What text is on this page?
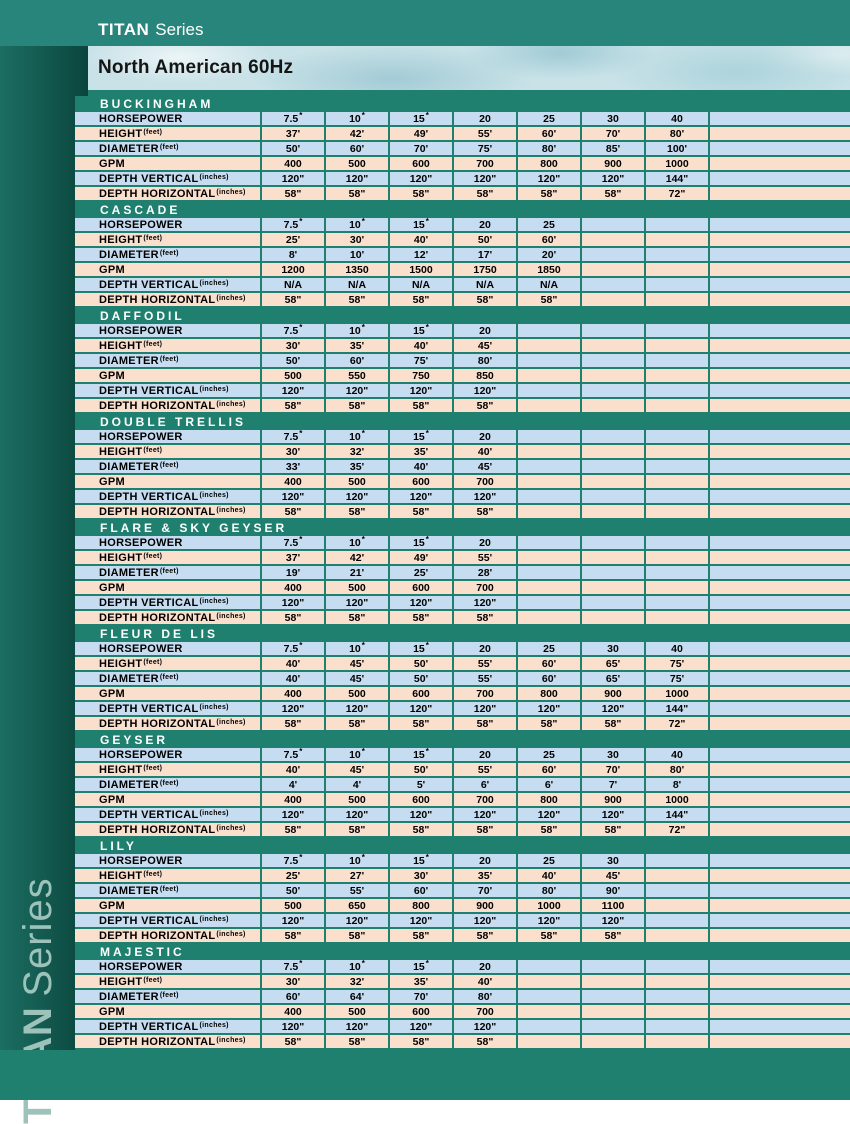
TITAN Series
Series
North American 60Hz
BUCKINGHAM
HORSEPOWER	7.5 *	10 *	15 *	20	25	30	40
$HEIGHT^{(feet)}$	37'	42'	49'	55'	60'	70'	80'
$DIAMETER^{(feet)}$	50'	60'	70'	75'	80'	85'	100'
GPM	400	500	600	700	800	900	1000
DEPTH $VERTICAL^{(inches)}$	120"	120"	120"	120"	120"	120"	144"
DEPTH $HORIZONTAL^{(inches)}$	58"	58"	58"	58"	58"	58"	72"
CASCADE
HORSEPOWER	7.5 *	10 *	15 *	20	25
$HEIGHT^{(feet)}$	25'	30'	40'	50'	60'
$DIAMETER^{(feet)}$	8'	10'	12'	17'	20'
GPM	1200	1350	1500	1750	1850
DEPTH $VERTICAL^{(inches)}$	N/A	N/A	N/A	N/A	N/A
DEPTH $HORIZONTAL^{(inches)}$	58"	58"	58"	58"	58"
DAFFODIL
HORSEPOWER	7.5 *	10 *	15 *	20
$HEIGHT^{(feet)}$	30'	35'	40'	45'
$DIAMETER^{(feet)}$	50'	60'	75'	80'
GPM	500	550	750	850
DEPTH $VERTICAL^{(inches)}$	120"	120"	120"	120"
DEPTH $HORIZONTAL^{(inches)}$	58"	58"	58"	58"
DOUBLE TRELLIS
HORSEPOWER	7.5 *	10 *	15 *	20
$HEIGHT^{(feet)}$	30'	32'	35'	40'
$DIAMETER^{(feet)}$	33'	35'	40'	45'
GPM	400	500	600	700
DEPTH $VERTICAL^{(inches)}$	120"	120"	120"	120"
DEPTH $HORIZONTAL^{(inches)}$	58"	58"	58"	58"
FLARE & SKY GEYSER
HORSEPOWER	7.5 *	10 *	15 *	20
$HEIGHT^{(feet)}$	37'	42'	49'	55'
$DIAMETER^{(feet)}$	19'	21'	25'	28'
GPM	400	500	600	700
DEPTH $VERTICAL^{(inches)}$	120"	120"	120"	120"
DEPTH $HORIZONTAL^{(inches)}$	58"	58"	58"	58"
FLEUR DE LIS
HORSEPOWER	7.5 *	10 *	15 *	20	25	30	40
$HEIGHT^{(feet)}$	40'	45'	50'	55'	60'	65'	75'
$DIAMETER^{(feet)}$	40'	45'	50'	55'	60'	65'	75'
GPM	400	500	600	700	800	900	1000
DEPTH $VERTICAL^{(inches)}$	120"	120"	120"	120"	120"	120"	144"
DEPTH $HORIZONTAL^{(inches)}$	58"	58"	58"	58"	58"	58"	72"
GEYSER
HORSEPOWER	7.5 *	10 *	15 *	20	25	30	40
$HEIGHT^{(feet)}$	40'	45'	50'	55'	60'	70'	80'
$DIAMETER^{(feet)}$	4'	4'	5'	6'	6'	7'	8'
GPM	400	500	600	700	800	900	1000
DEPTH $VERTICAL^{(inches)}$	120"	120"	120"	120"	120"	120"	144"
DEPTH $HORIZONTAL^{(inches)}$	58"	58"	58"	58"	58"	58"	72"
LILY
HORSEPOWER	7.5 *	10 *	15 *	20	25	30
$HEIGHT^{(feet)}$	25'	27'	30'	35'	40'	45'
$DIAMETER^{(feet)}$	50'	55'	60'	70'	80'	90'
GPM	500	650	800	900	1000	1100
DEPTH $VERTICAL^{(inches)}$	120"	120"	120"	120"	120"	120"
DEPTH $HORIZONTAL^{(inches)}$	58"	58"	58"	58"	58"	58"
MAJESTIC
HORSEPOWER	7.5 *	10 *	15 *	20
$HEIGHT^{(feet)}$	30'	32'	35'	40'
$DIAMETER^{(feet)}$	60'	64'	70'	80'
GPM	400	500	600	700
DEPTH $VERTICAL^{(inches)}$	120"	120"	120"	120"
DEPTH $HORIZONTAL^{(inches)}$	58"	58"	58"	58"
